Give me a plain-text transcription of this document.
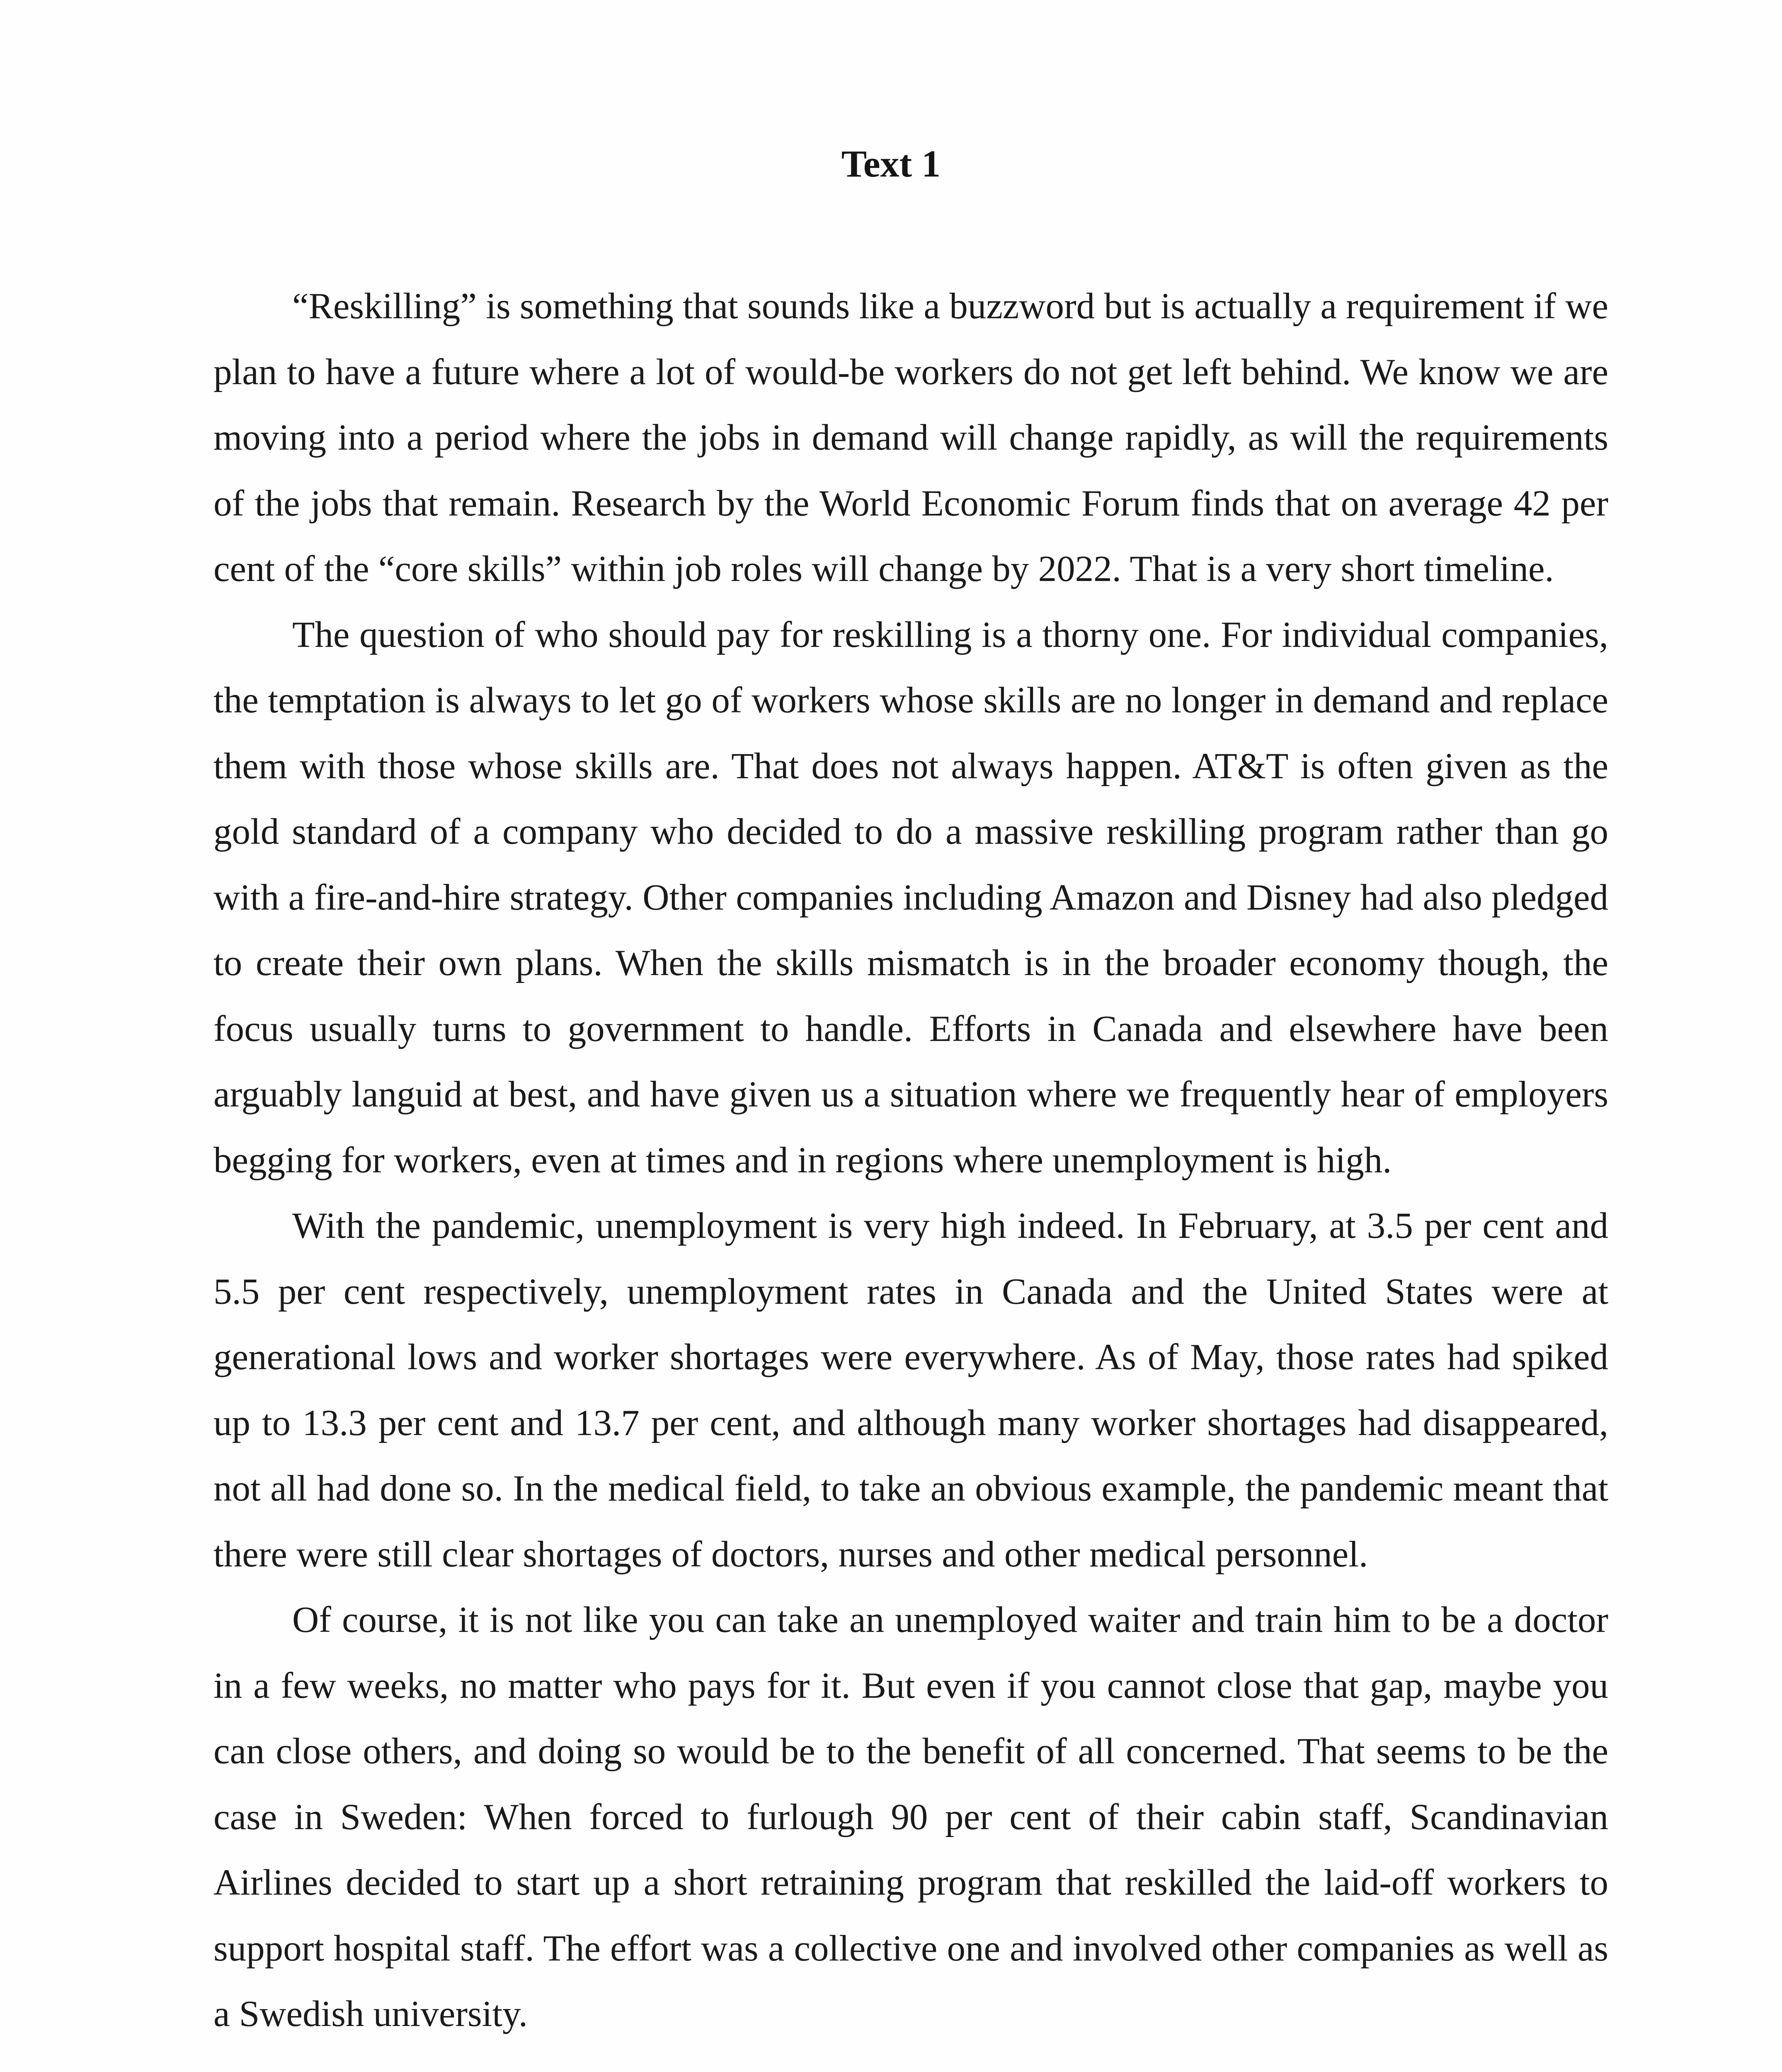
Text 1

“Reskilling” is something that sounds like a buzzword but is actually a requirement if we plan to have a future where a lot of would-be workers do not get left behind. We know we are moving into a period where the jobs in demand will change rapidly, as will the requirements of the jobs that remain. Research by the World Economic Forum finds that on average 42 per cent of the “core skills” within job roles will change by 2022. That is a very short timeline.

The question of who should pay for reskilling is a thorny one. For individual companies, the temptation is always to let go of workers whose skills are no longer in demand and replace them with those whose skills are. That does not always happen. AT&T is often given as the gold standard of a company who decided to do a massive reskilling program rather than go with a fire-and-hire strategy. Other companies including Amazon and Disney had also pledged to create their own plans. When the skills mismatch is in the broader economy though, the focus usually turns to government to handle. Efforts in Canada and elsewhere have been arguably languid at best, and have given us a situation where we frequently hear of employers begging for workers, even at times and in regions where unemployment is high.

With the pandemic, unemployment is very high indeed. In February, at 3.5 per cent and 5.5 per cent respectively, unemployment rates in Canada and the United States were at generational lows and worker shortages were everywhere. As of May, those rates had spiked up to 13.3 per cent and 13.7 per cent, and although many worker shortages had disappeared, not all had done so. In the medical field, to take an obvious example, the pandemic meant that there were still clear shortages of doctors, nurses and other medical personnel.

Of course, it is not like you can take an unemployed waiter and train him to be a doctor in a few weeks, no matter who pays for it. But even if you cannot close that gap, maybe you can close others, and doing so would be to the benefit of all concerned. That seems to be the case in Sweden: When forced to furlough 90 per cent of their cabin staff, Scandinavian Airlines decided to start up a short retraining program that reskilled the laid-off workers to support hospital staff. The effort was a collective one and involved other companies as well as a Swedish university.
